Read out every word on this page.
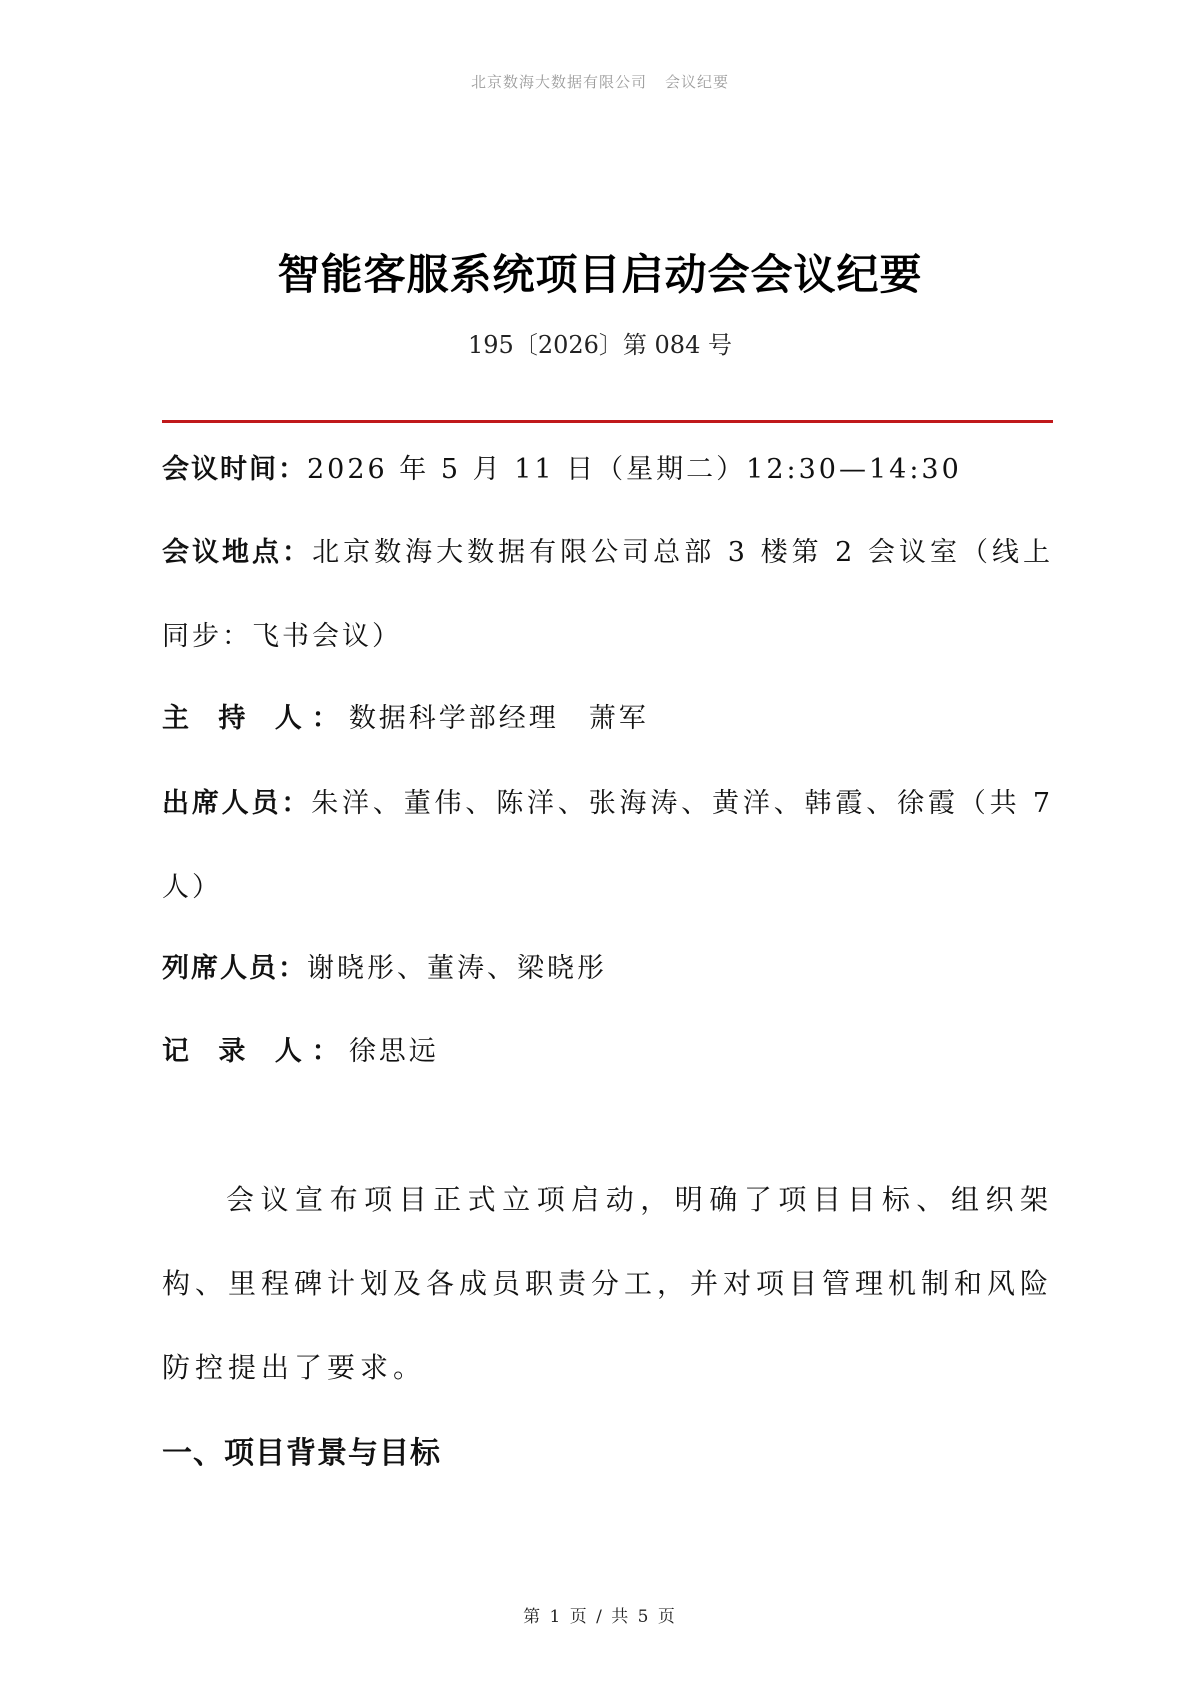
北京数海大数据有限公司 会议纪要
智能客服系统项目启动会会议纪要
195〔2026〕第 084 号
会议时间：2026 年 5 月 11 日（星期二）12:30—14:30
会议地点：北京数海大数据有限公司总部 3 楼第 2 会议室（线上同步：飞书会议）
主 持 人：数据科学部经理　萧军
出席人员：朱洋、董伟、陈洋、张海涛、黄洋、韩霞、徐霞（共 7 人）
列席人员：谢晓彤、董涛、梁晓彤
记 录 人：徐思远
会议宣布项目正式立项启动，明确了项目目标、组织架构、里程碑计划及各成员职责分工，并对项目管理机制和风险防控提出了要求。
一、项目背景与目标
第 1 页 / 共 5 页
